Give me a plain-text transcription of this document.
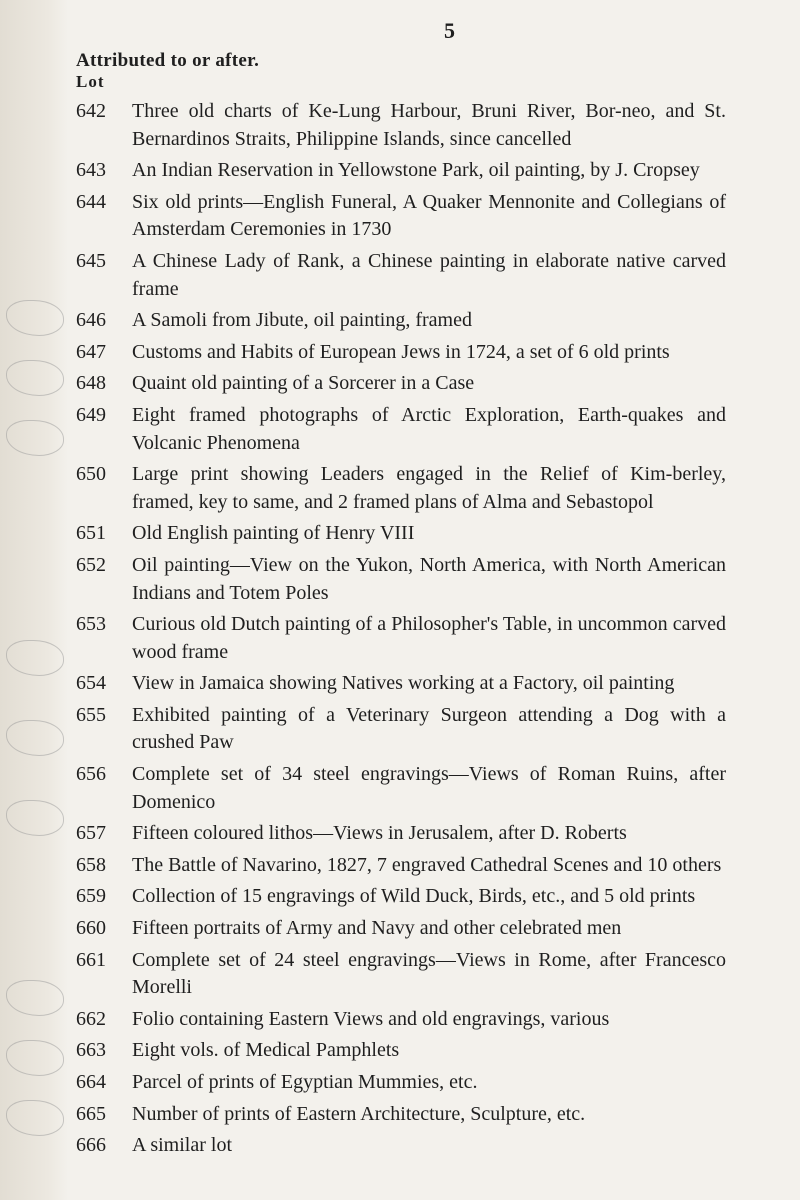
5
Attributed to or after.
Lot
642	Three old charts of Ke-Lung Harbour, Bruni River, Bor-neo, and St. Bernardinos Straits, Philippine Islands, since cancelled
643	An Indian Reservation in Yellowstone Park, oil painting, by J. Cropsey
644	Six old prints—English Funeral, A Quaker Mennonite and Collegians of Amsterdam Ceremonies in 1730
645	A Chinese Lady of Rank, a Chinese painting in elaborate native carved frame
646	A Samoli from Jibute, oil painting, framed
647	Customs and Habits of European Jews in 1724, a set of 6 old prints
648	Quaint old painting of a Sorcerer in a Case
649	Eight framed photographs of Arctic Exploration, Earth-quakes and Volcanic Phenomena
650	Large print showing Leaders engaged in the Relief of Kim-berley, framed, key to same, and 2 framed plans of Alma and Sebastopol
651	Old English painting of Henry VIII
652	Oil painting—View on the Yukon, North America, with North American Indians and Totem Poles
653	Curious old Dutch painting of a Philosopher's Table, in uncommon carved wood frame
654	View in Jamaica showing Natives working at a Factory, oil painting
655	Exhibited painting of a Veterinary Surgeon attending a Dog with a crushed Paw
656	Complete set of 34 steel engravings—Views of Roman Ruins, after Domenico
657	Fifteen coloured lithos—Views in Jerusalem, after D. Roberts
658	The Battle of Navarino, 1827, 7 engraved Cathedral Scenes and 10 others
659	Collection of 15 engravings of Wild Duck, Birds, etc., and 5 old prints
660	Fifteen portraits of Army and Navy and other celebrated men
661	Complete set of 24 steel engravings—Views in Rome, after Francesco Morelli
662	Folio containing Eastern Views and old engravings, various
663	Eight vols. of Medical Pamphlets
664	Parcel of prints of Egyptian Mummies, etc.
665	Number of prints of Eastern Architecture, Sculpture, etc.
666	A similar lot
